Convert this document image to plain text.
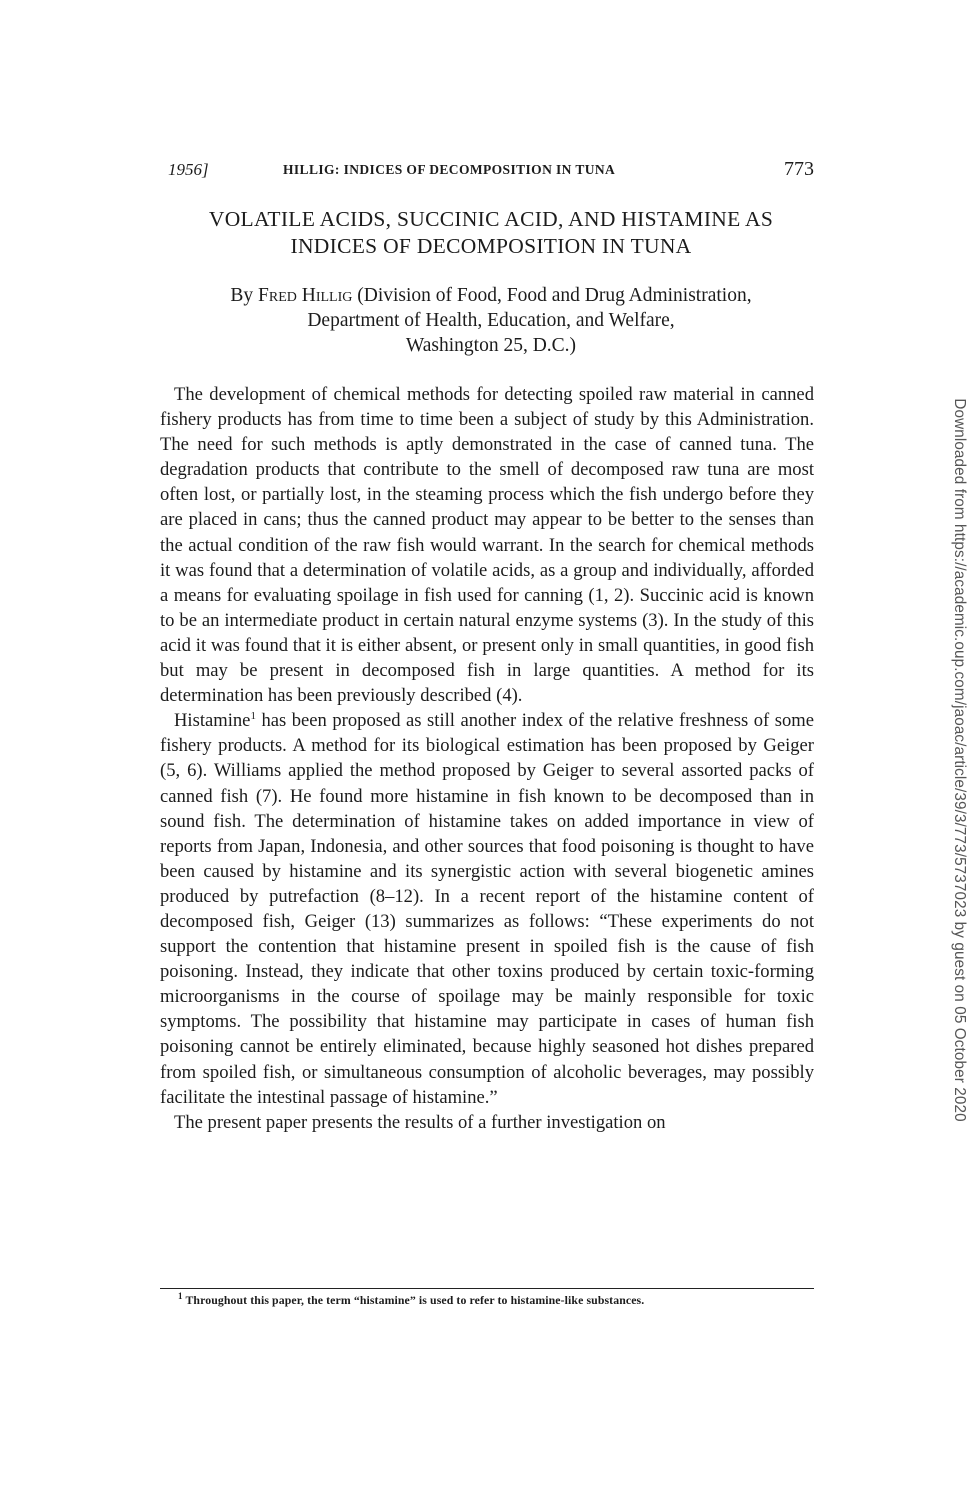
1956]	HILLIG: INDICES OF DECOMPOSITION IN TUNA	773
VOLATILE ACIDS, SUCCINIC ACID, AND HISTAMINE AS
INDICES OF DECOMPOSITION IN TUNA
By Fred Hillig (Division of Food, Food and Drug Administration,
Department of Health, Education, and Welfare,
Washington 25, D.C.)

The development of chemical methods for detecting spoiled raw material in canned fishery products has from time to time been a subject of study by this Administration. The need for such methods is aptly demonstrated in the case of canned tuna. The degradation products that contribute to the smell of decomposed raw tuna are most often lost, or partially lost, in the steaming process which the fish undergo before they are placed in cans; thus the canned product may appear to be better to the senses than the actual condition of the raw fish would warrant. In the search for chemical methods it was found that a determination of volatile acids, as a group and individually, afforded a means for evaluating spoilage in fish used for canning (1, 2). Succinic acid is known to be an intermediate product in certain natural enzyme systems (3). In the study of this acid it was found that it is either absent, or present only in small quantities, in good fish but may be present in decomposed fish in large quantities. A method for its determination has been previously described (4).

Histamine$^1$ has been proposed as still another index of the relative freshness of some fishery products. A method for its biological estimation has been proposed by Geiger (5, 6). Williams applied the method proposed by Geiger to several assorted packs of canned fish (7). He found more histamine in fish known to be decomposed than in sound fish. The determination of histamine takes on added importance in view of reports from Japan, Indonesia, and other sources that food poisoning is thought to have been caused by histamine and its synergistic action with several biogenetic amines produced by putrefaction (8–12). In a recent report of the histamine content of decomposed fish, Geiger (13) summarizes as follows: “These experiments do not support the contention that histamine present in spoiled fish is the cause of fish poisoning. Instead, they indicate that other toxins produced by certain toxic-forming microorganisms in the course of spoilage may be mainly responsible for toxic symptoms. The possibility that histamine may participate in cases of human fish poisoning cannot be entirely eliminated, because highly seasoned hot dishes prepared from spoiled fish, or simultaneous consumption of alcoholic beverages, may possibly facilitate the intestinal passage of histamine.”

The present paper presents the results of a further investigation on

$^1$ Throughout this paper, the term “histamine” is used to refer to histamine-like substances.
Downloaded from https://academic.oup.com/jaoac/article/39/3/773/5737023 by guest on 05 October 2020
